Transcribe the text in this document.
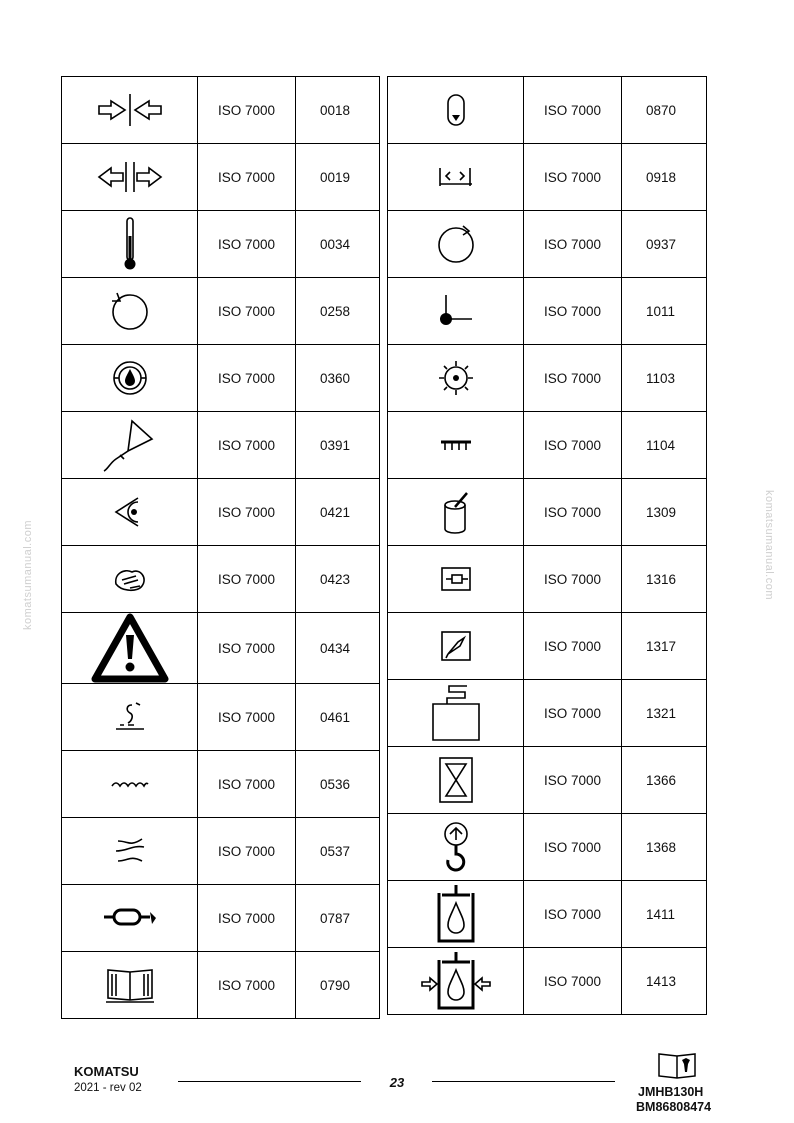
komatsumanual.com	komatsumanual.com
	ISO 7000	0018

	ISO 7000	0019

	ISO 7000	0034

	ISO 7000	0258

	ISO 7000	0360

	ISO 7000	0391

	ISO 7000	0421

	ISO 7000	0423

	ISO 7000	0434

	ISO 7000	0461

	ISO 7000	0536

	ISO 7000	0537

	ISO 7000	0787

	ISO 7000	0790
	ISO 7000	0870

	ISO 7000	0918

	ISO 7000	0937

	ISO 7000	1011

	ISO 7000	1103

	ISO 7000	1104

	ISO 7000	1309

	ISO 7000	1316

	ISO 7000	1317

	ISO 7000	1321

	ISO 7000	1366

	ISO 7000	1368

	ISO 7000	1411

	ISO 7000	1413
KOMATSU
2021 - rev 02	23
JMHB130H
BM86808474
